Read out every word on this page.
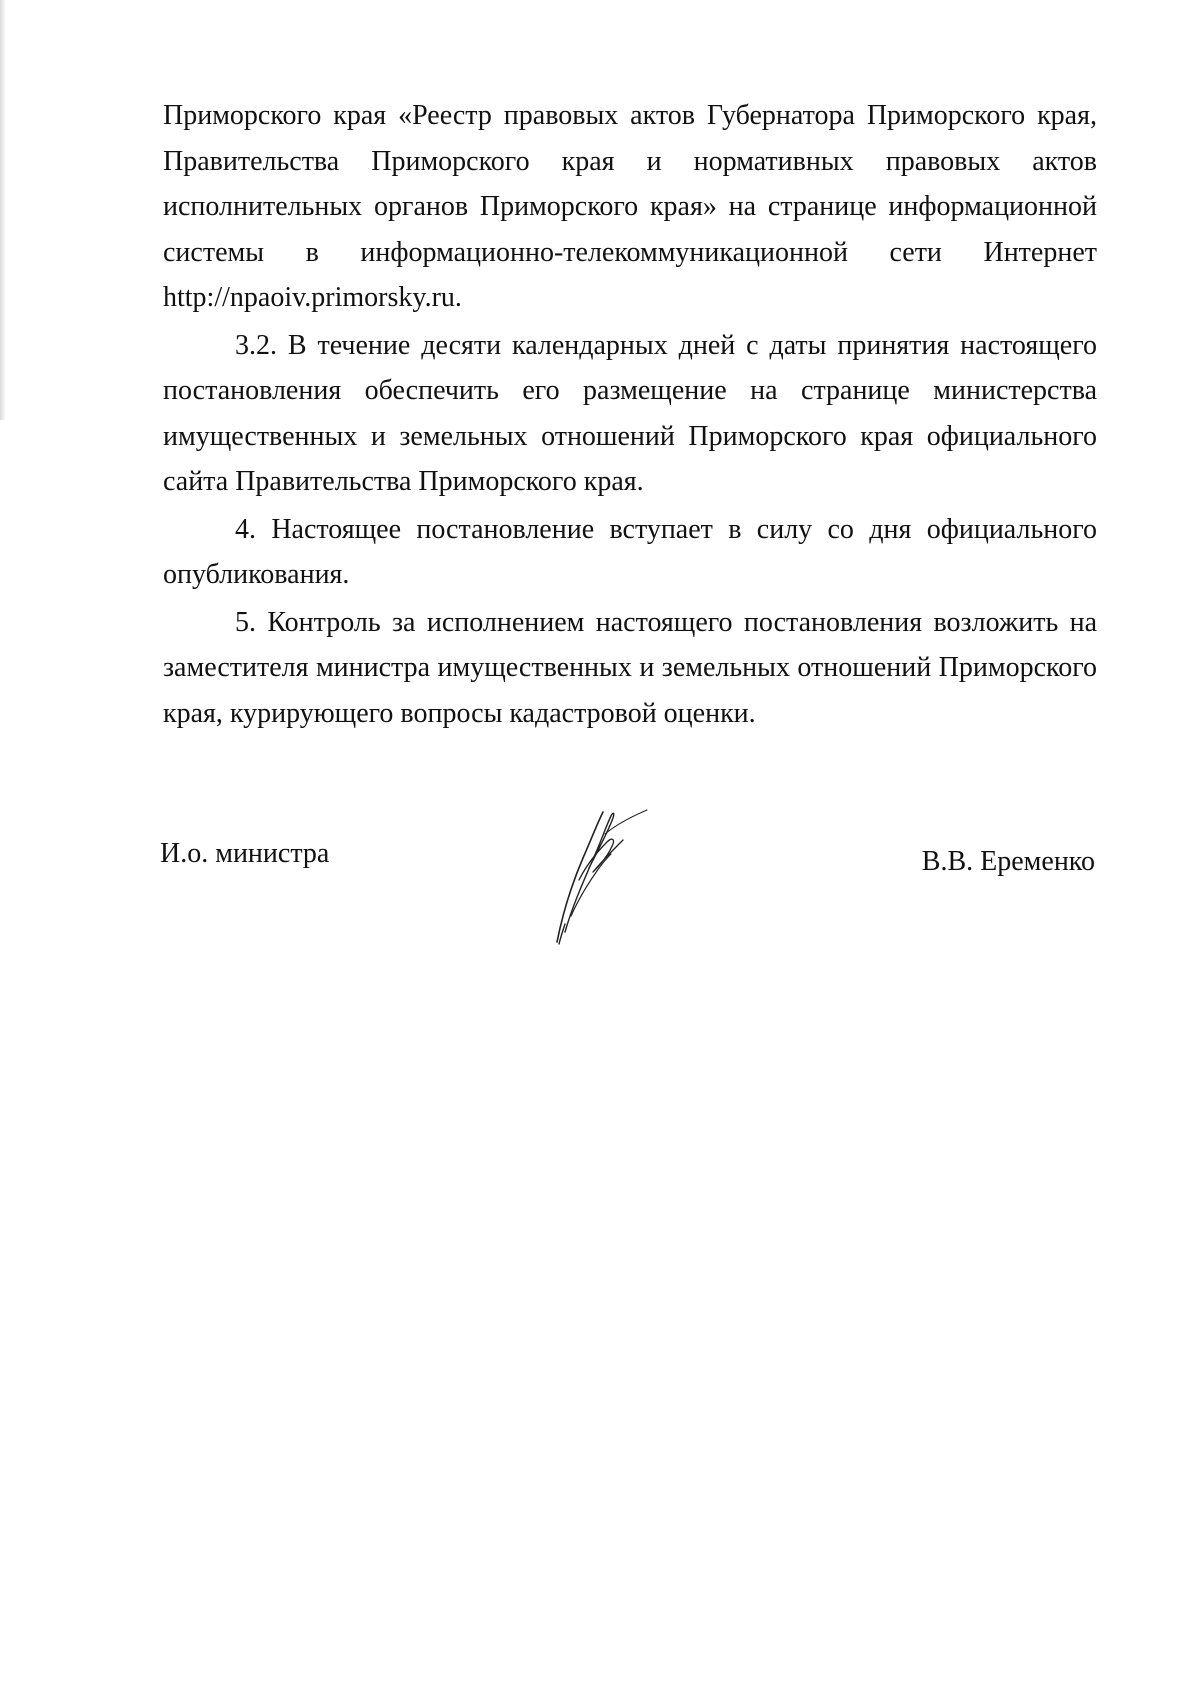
Приморского края «Реестр правовых актов Губернатора Приморского края,
Правительства Приморского края и нормативных правовых актов
исполнительных органов Приморского края» на странице информационной
системы в информационно-телекоммуникационной сети Интернет
http://npaoiv.primorsky.ru.

3.2. В течение десяти календарных дней с даты принятия настоящего постановления обеспечить его размещение на странице министерства имущественных и земельных отношений Приморского края официального сайта Правительства Приморского края.

4. Настоящее постановление вступает в силу со дня официального опубликования.

5. Контроль за исполнением настоящего постановления возложить на заместителя министра имущественных и земельных отношений Приморского края, курирующего вопросы кадастровой оценки.

И.о. министра	В.В. Еременко
